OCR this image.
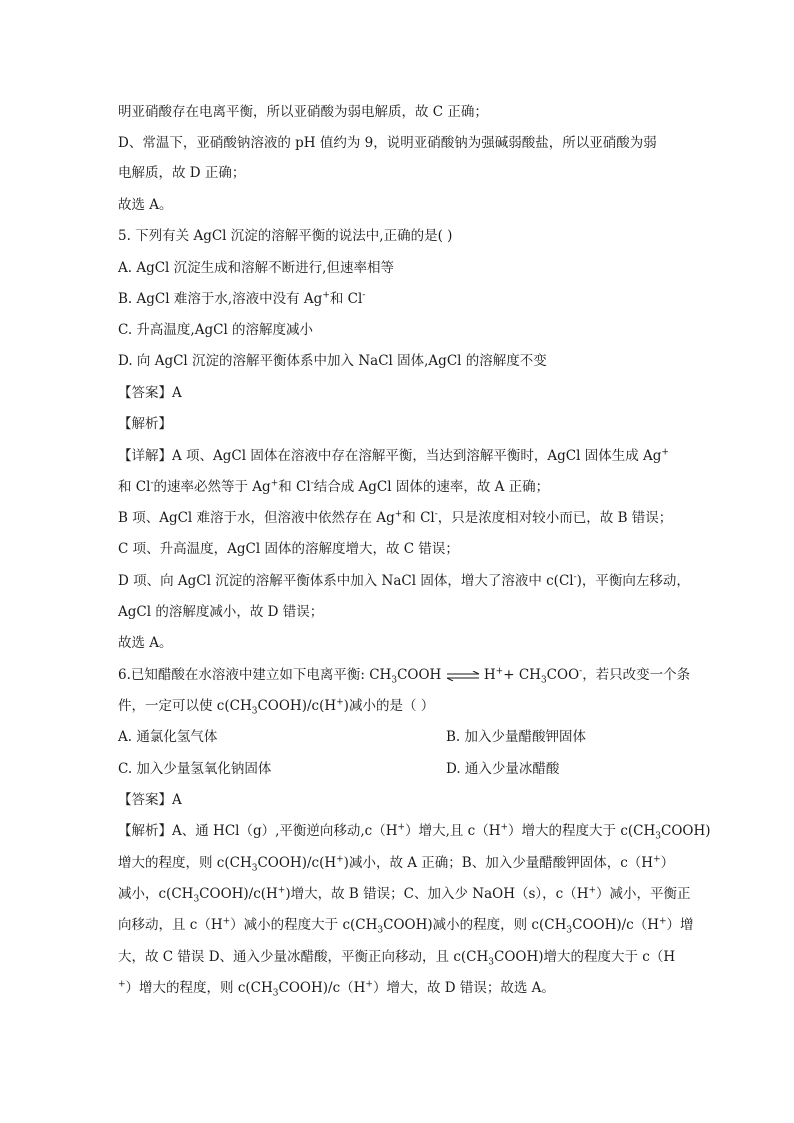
明亚硝酸存在电离平衡，所以亚硝酸为弱电解质，故 C 正确；
D、常温下，亚硝酸钠溶液的 pH 值约为 9，说明亚硝酸钠为强碱弱酸盐，所以亚硝酸为弱
电解质，故 D 正确；
故选 A。
5. 下列有关 AgCl 沉淀的溶解平衡的说法中,正确的是( )
A. AgCl 沉淀生成和溶解不断进行,但速率相等
B. AgCl 难溶于水,溶液中没有 Ag+和 Cl-
C. 升高温度,AgCl 的溶解度减小
D. 向 AgCl 沉淀的溶解平衡体系中加入 NaCl 固体,AgCl 的溶解度不变
【答案】A
【解析】
【详解】A 项、AgCl 固体在溶液中存在溶解平衡，当达到溶解平衡时，AgCl 固体生成 Ag+
和 Cl-的速率必然等于 Ag+和 Cl-结合成 AgCl 固体的速率，故 A 正确；
B 项、AgCl 难溶于水，但溶液中依然存在 Ag+和 Cl-，只是浓度相对较小而已，故 B 错误；
C 项、升高温度，AgCl 固体的溶解度增大，故 C 错误；
D 项、向 AgCl 沉淀的溶解平衡体系中加入 NaCl 固体，增大了溶液中 c(Cl-)，平衡向左移动，
AgCl 的溶解度减小，故 D 错误；
故选 A。
6.已知醋酸在水溶液中建立如下电离平衡: $CH_3COOH$ ⇌ $H^++ CH_3COO^-$，若只改变一个条
件，一定可以使 $c(CH_3COOH)/c(H^+)$减小的是（ ）
A. 通氯化氢气体	B. 加入少量醋酸钾固体
C. 加入少量氢氧化钠固体	D. 通入少量冰醋酸
【答案】A
【解析】A、通 HCl（g）,平衡逆向移动,c（H+）增大,且 c（H+）增大的程度大于 $c(CH_3COOH)$
增大的程度，则 $c(CH_3COOH)/c(H^+)$减小，故 A 正确；B、加入少量醋酸钾固体，c（H+）
减小，$c(CH_3COOH)/c(H^+)$增大，故 B 错误；C、加入少 NaOH（s），c（H+）减小，平衡正
向移动，且 c（H+）减小的程度大于 $c(CH_3COOH)$减小的程度，则 $c(CH_3COOH)/c(H^+)$增
大，故 C 错误 D、通入少量冰醋酸，平衡正向移动，且 $c(CH_3COOH)$增大的程度大于 c（H
+）增大的程度，则 $c(CH_3COOH)/c(H^+)$增大，故 D 错误；故选 A。
